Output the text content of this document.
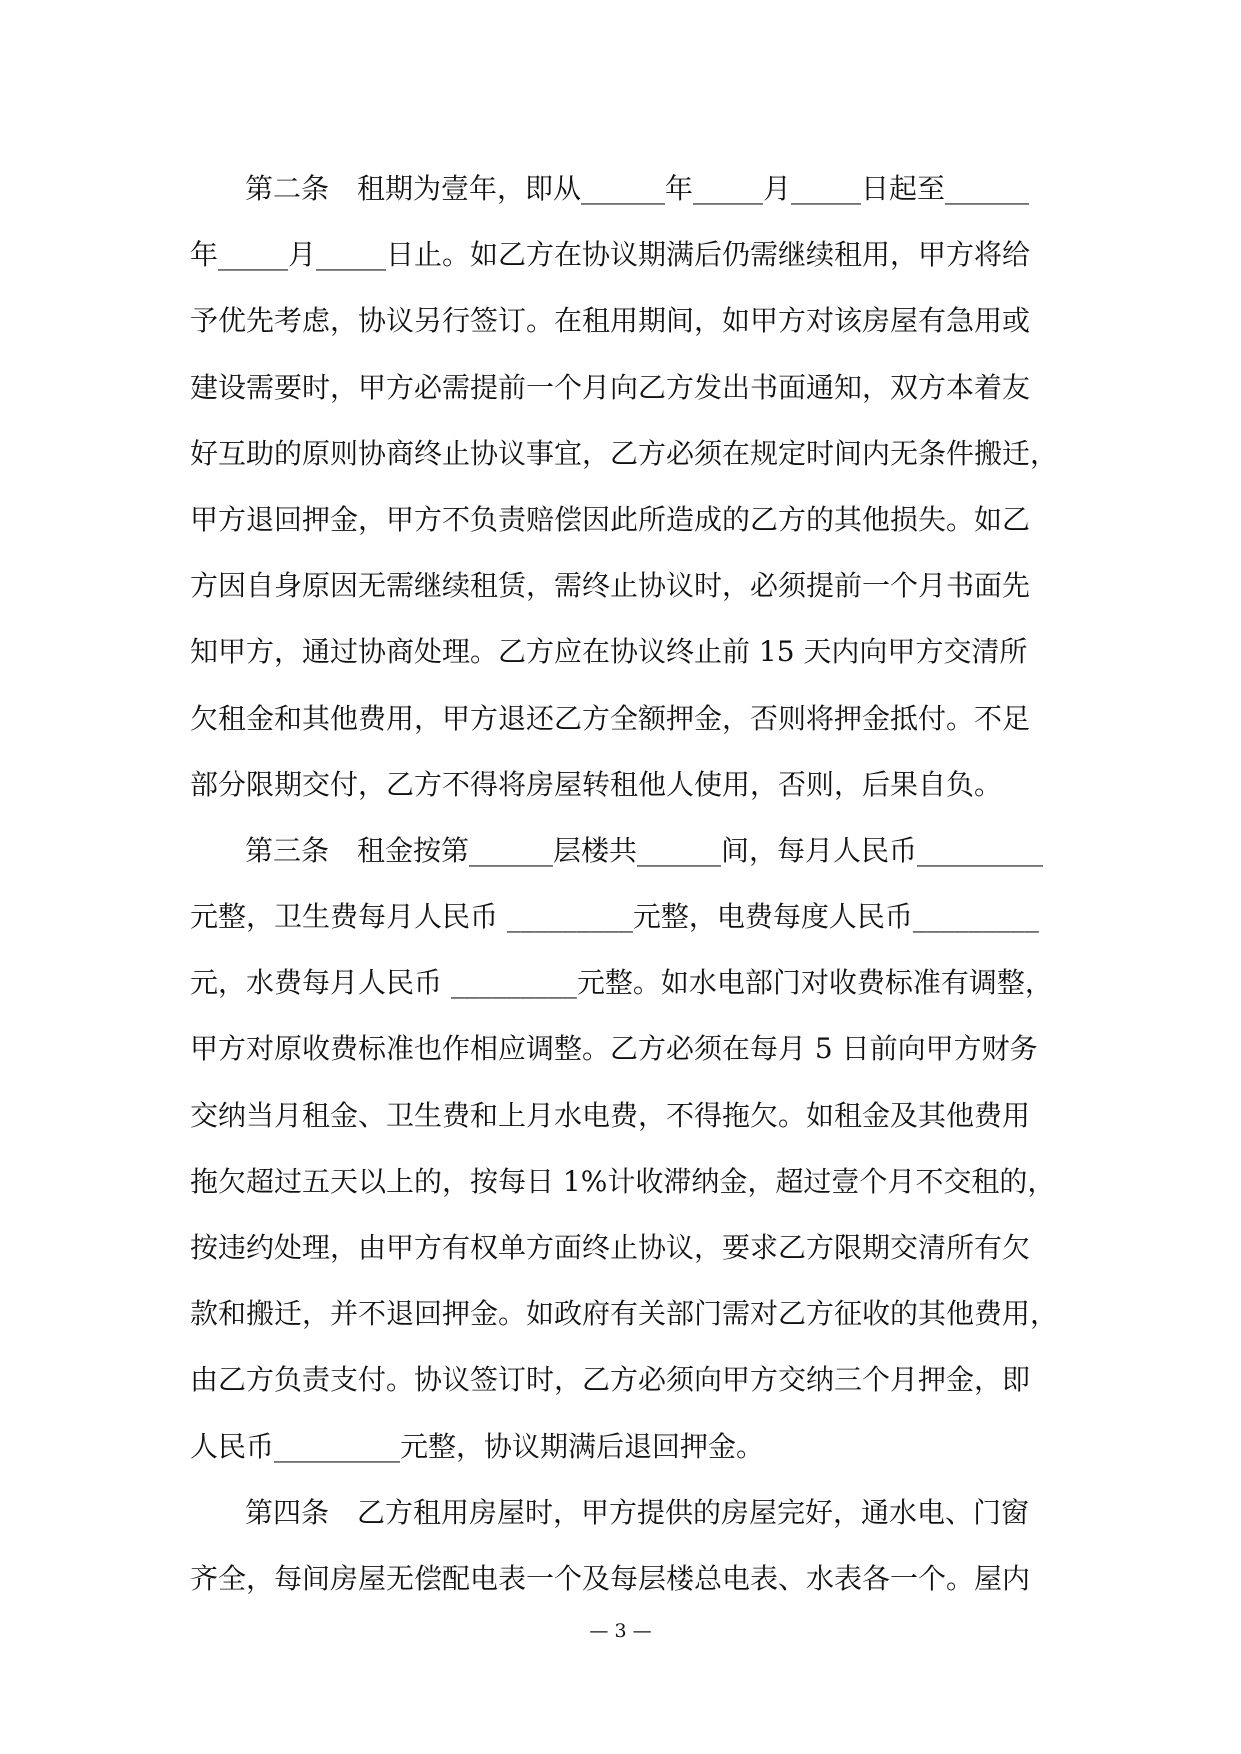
第二条 租期为壹年，即从______年_____月_____日起至______
年_____月_____日止。如乙方在协议期满后仍需继续租用，甲方将给
予优先考虑，协议另行签订。在租用期间，如甲方对该房屋有急用或
建设需要时，甲方必需提前一个月向乙方发出书面通知，双方本着友
好互助的原则协商终止协议事宜，乙方必须在规定时间内无条件搬迁，
甲方退回押金，甲方不负责赔偿因此所造成的乙方的其他损失。如乙
方因自身原因无需继续租赁，需终止协议时，必须提前一个月书面先
知甲方，通过协商处理。乙方应在协议终止前 15 天内向甲方交清所
欠租金和其他费用，甲方退还乙方全额押金，否则将押金抵付。不足
部分限期交付，乙方不得将房屋转租他人使用，否则，后果自负。
第三条 租金按第______层楼共______间，每月人民币_________
元整，卫生费每月人民币 _________元整，电费每度人民币_________
元，水费每月人民币 _________元整。如水电部门对收费标准有调整，
甲方对原收费标准也作相应调整。乙方必须在每月 5 日前向甲方财务
交纳当月租金、卫生费和上月水电费，不得拖欠。如租金及其他费用
拖欠超过五天以上的，按每日 1%计收滞纳金，超过壹个月不交租的，
按违约处理，由甲方有权单方面终止协议，要求乙方限期交清所有欠
款和搬迁，并不退回押金。如政府有关部门需对乙方征收的其他费用，
由乙方负责支付。协议签订时，乙方必须向甲方交纳三个月押金，即
人民币_________元整，协议期满后退回押金。
第四条 乙方租用房屋时，甲方提供的房屋完好，通水电、门窗
齐全，每间房屋无偿配电表一个及每层楼总电表、水表各一个。屋内
— 3 —
